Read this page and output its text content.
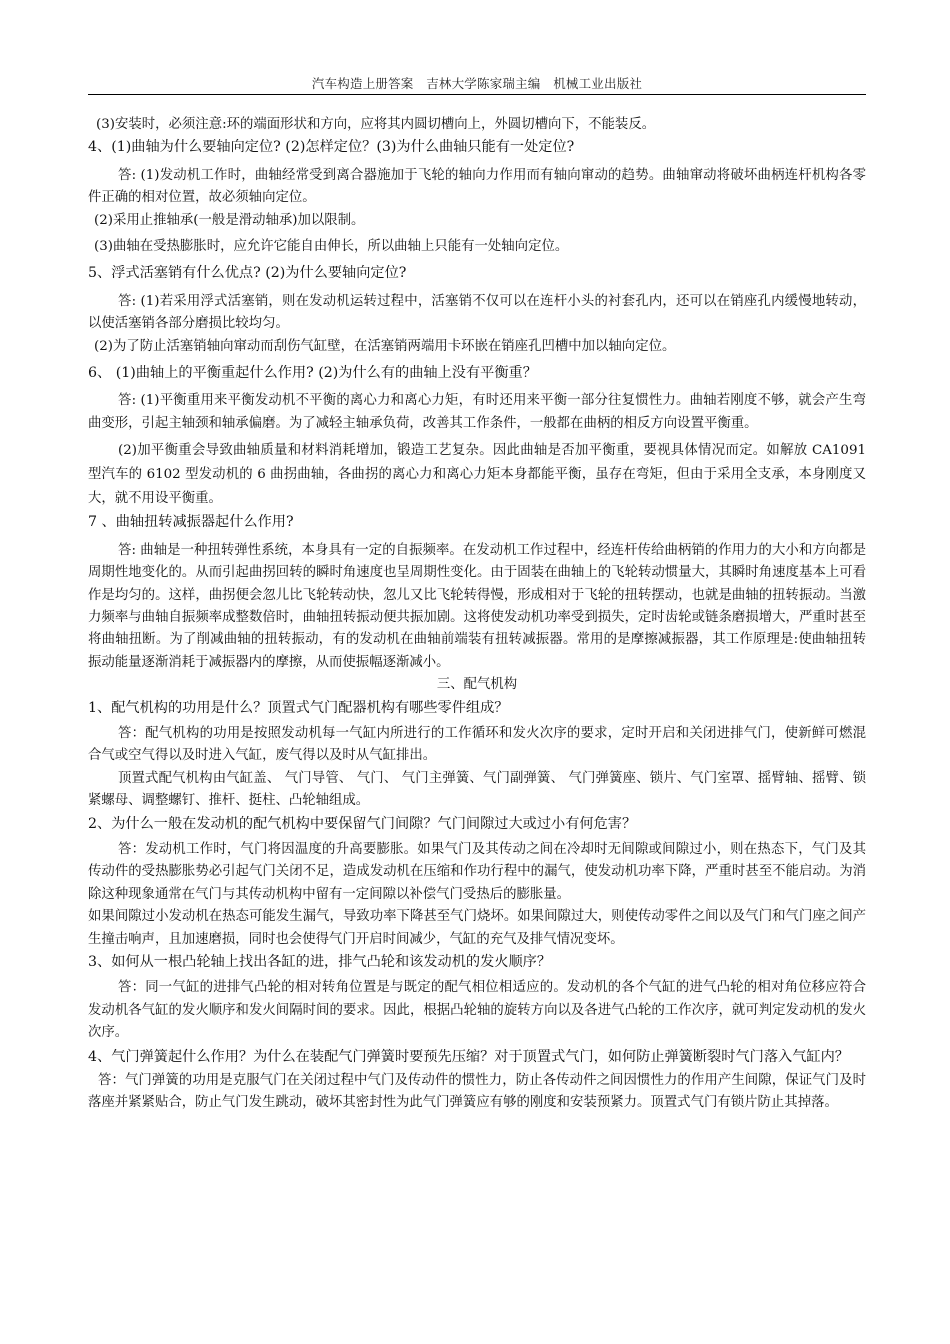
汽车构造上册答案　吉林大学陈家瑞主编　机械工业出版社

(3)安装时，必须注意:环的端面形状和方向，应将其内圆切槽向上，外圆切槽向下，不能装反。

4、(1)曲轴为什么要轴向定位? (2)怎样定位？(3)为什么曲轴只能有一处定位?

答: (1)发动机工作时，曲轴经常受到离合器施加于飞轮的轴向力作用而有轴向窜动的趋势。曲轴窜动将破坏曲柄连杆机构各零件正确的相对位置，故必须轴向定位。

(2)采用止推轴承(一般是滑动轴承)加以限制。

(3)曲轴在受热膨胀时，应允许它能自由伸长，所以曲轴上只能有一处轴向定位。

5、浮式活塞销有什么优点? (2)为什么要轴向定位?

答: (1)若采用浮式活塞销，则在发动机运转过程中，活塞销不仅可以在连杆小头的衬套孔内，还可以在销座孔内缓慢地转动，以使活塞销各部分磨损比较均匀。

(2)为了防止活塞销轴向窜动而刮伤气缸壁，在活塞销两端用卡环嵌在销座孔凹槽中加以轴向定位。

6、 (1)曲轴上的平衡重起什么作用? (2)为什么有的曲轴上没有平衡重？

答: (1)平衡重用来平衡发动机不平衡的离心力和离心力矩，有时还用来平衡一部分往复惯性力。曲轴若刚度不够，就会产生弯曲变形，引起主轴颈和轴承偏磨。为了减轻主轴承负荷，改善其工作条件，一般都在曲柄的相反方向设置平衡重。

(2)加平衡重会导致曲轴质量和材料消耗增加，锻造工艺复杂。因此曲轴是否加平衡重，要视具体情况而定。如解放 CA1091 型汽车的 6102 型发动机的 6 曲拐曲轴，各曲拐的离心力和离心力矩本身都能平衡，虽存在弯矩，但由于采用全支承，本身刚度又大，就不用设平衡重。

7 、曲轴扭转减振器起什么作用?

答: 曲轴是一种扭转弹性系统，本身具有一定的自振频率。在发动机工作过程中，经连杆传给曲柄销的作用力的大小和方向都是周期性地变化的。从而引起曲拐回转的瞬时角速度也呈周期性变化。由于固装在曲轴上的飞轮转动惯量大，其瞬时角速度基本上可看作是均匀的。这样，曲拐便会忽儿比飞轮转动快，忽儿又比飞轮转得慢，形成相对于飞轮的扭转摆动，也就是曲轴的扭转振动。当激力频率与曲轴自振频率成整数倍时，曲轴扭转振动便共振加剧。这将使发动机功率受到损失，定时齿轮或链条磨损增大，严重时甚至将曲轴扭断。为了削减曲轴的扭转振动，有的发动机在曲轴前端装有扭转减振器。常用的是摩擦减振器，其工作原理是:使曲轴扭转振动能量逐渐消耗于减振器内的摩擦，从而使振幅逐渐减小。

三、配气机构

1、配气机构的功用是什么？顶置式气门配器机构有哪些零件组成？

答：配气机构的功用是按照发动机每一气缸内所进行的工作循环和发火次序的要求，定时开启和关闭进排气门，使新鲜可燃混合气或空气得以及时进入气缸，废气得以及时从气缸排出。

顶置式配气机构由气缸盖、 气门导管、 气门、 气门主弹簧、气门副弹簧、 气门弹簧座、锁片、气门室罩、摇臂轴、摇臂、锁紧螺母、调整螺钉、推杆、挺柱、凸轮轴组成。

2、为什么一般在发动机的配气机构中要保留气门间隙？气门间隙过大或过小有何危害？

答：发动机工作时，气门将因温度的升高要膨胀。如果气门及其传动之间在冷却时无间隙或间隙过小，则在热态下，气门及其传动件的受热膨胀势必引起气门关闭不足，造成发动机在压缩和作功行程中的漏气，使发动机功率下降，严重时甚至不能启动。为消除这种现象通常在气门与其传动机构中留有一定间隙以补偿气门受热后的膨胀量。

如果间隙过小发动机在热态可能发生漏气，导致功率下降甚至气门烧坏。如果间隙过大，则使传动零件之间以及气门和气门座之间产生撞击响声，且加速磨损，同时也会使得气门开启时间减少，气缸的充气及排气情况变坏。

3、如何从一根凸轮轴上找出各缸的进，排气凸轮和该发动机的发火顺序？

答：同一气缸的进排气凸轮的相对转角位置是与既定的配气相位相适应的。发动机的各个气缸的进气凸轮的相对角位移应符合发动机各气缸的发火顺序和发火间隔时间的要求。因此，根据凸轮轴的旋转方向以及各进气凸轮的工作次序，就可判定发动机的发火次序。

4、气门弹簧起什么作用？为什么在装配气门弹簧时要预先压缩？对于顶置式气门，如何防止弹簧断裂时气门落入气缸内？

答：气门弹簧的功用是克服气门在关闭过程中气门及传动件的惯性力，防止各传动件之间因惯性力的作用产生间隙，保证气门及时落座并紧紧贴合，防止气门发生跳动，破坏其密封性为此气门弹簧应有够的刚度和安装预紧力。顶置式气门有锁片防止其掉落。
